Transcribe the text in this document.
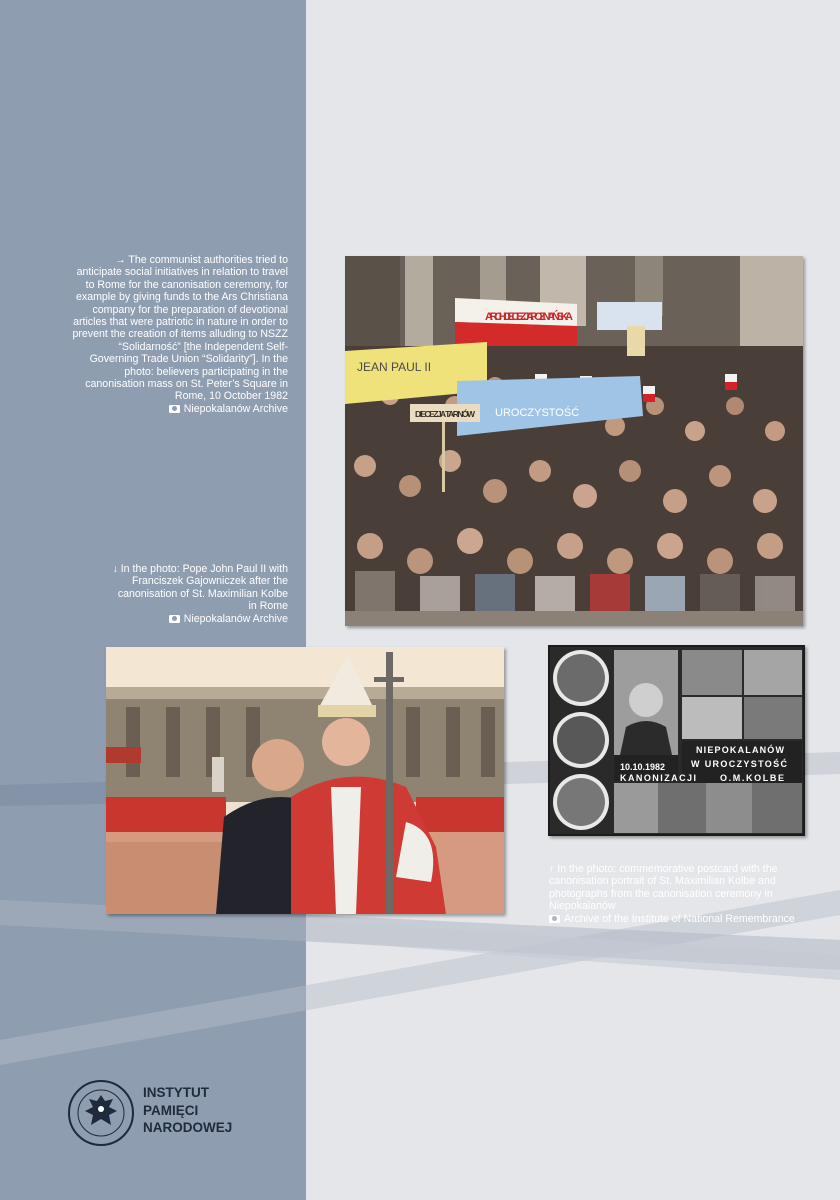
→ The communist authorities tried to anticipate social initiatives in relation to travel to Rome for the canonisation ceremony, for example by giving funds to the Ars Christiana company for the preparation of devotional articles that were patriotic in nature in order to prevent the creation of items alluding to NSZZ “Solidarność” [the Independent Self-Governing Trade Union “Solidarity”]. In the photo: believers participating in the canonisation mass on St. Peter’s Square in Rome, 10 October 1982
Niepokalanów Archive
↓ In the photo: Pope John Paul II with Franciszek Gajowniczek after the canonisation of St. Maximilian Kolbe in Rome
Niepokalanów Archive
↑ In the photo: commemorative postcard with the canonisation portrait of St. Maximilian Kolbe and photographs from the canonisation ceremony in Niepokalanów
Archive of the Institute of National Remembrance
ARCHIDIECEZJA POZNAŃSKA
JEAN PAUL II
UROCZYSTOŚĆ
DIECEZJA TARNÓW
10.10.1982
NIEPOKALANÓW
W UROCZYSTOŚĆ
KANONIZACJI	O.M.KOLBE
INSTYTUT
PAMIĘCI
NARODOWEJ
